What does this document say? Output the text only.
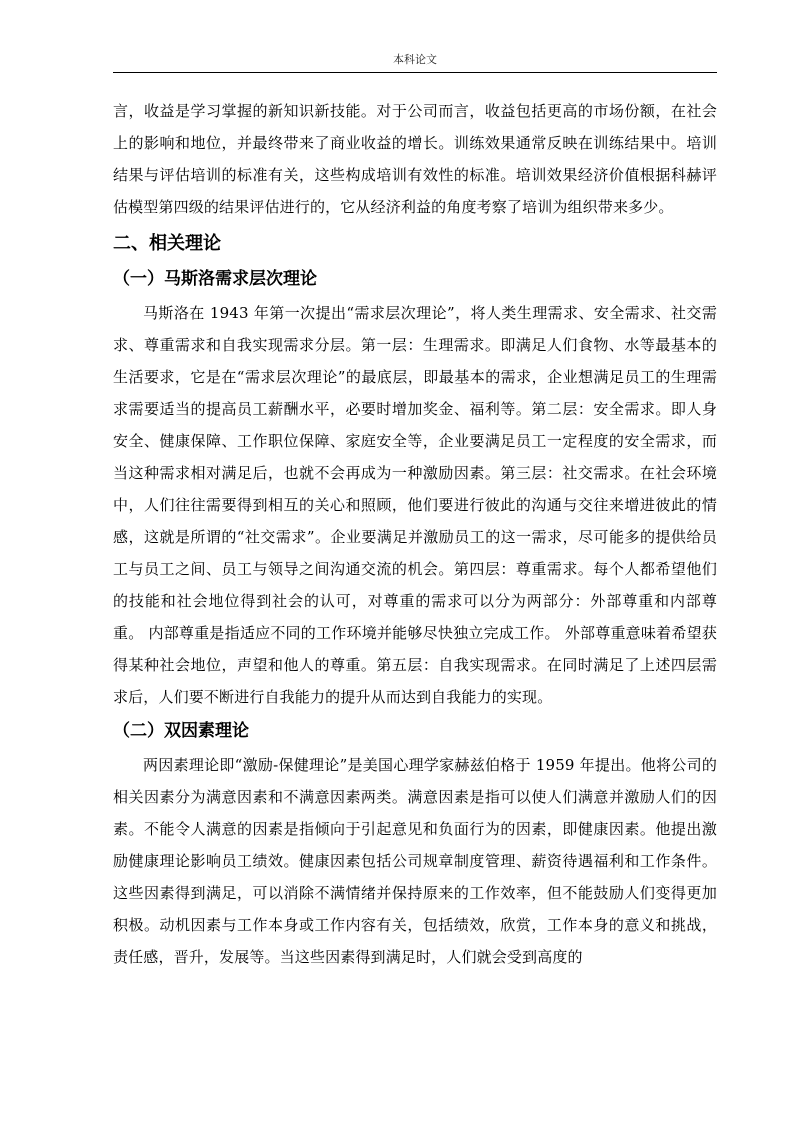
本科论文

言，收益是学习掌握的新知识新技能。对于公司而言，收益包括更高的市场份额，在社会上的影响和地位，并最终带来了商业收益的增长。训练效果通常反映在训练结果中。培训结果与评估培训的标准有关，这些构成培训有效性的标准。培训效果经济价值根据科赫评估模型第四级的结果评估进行的，它从经济利益的角度考察了培训为组织带来多少。

二、相关理论
（一）马斯洛需求层次理论

马斯洛在 1943 年第一次提出“需求层次理论”，将人类生理需求、安全需求、社交需求、尊重需求和自我实现需求分层。第一层：生理需求。即满足人们食物、水等最基本的生活要求，它是在“需求层次理论”的最底层，即最基本的需求，企业想满足员工的生理需求需要适当的提高员工薪酬水平，必要时增加奖金、福利等。第二层：安全需求。即人身安全、健康保障、工作职位保障、家庭安全等，企业要满足员工一定程度的安全需求，而当这种需求相对满足后，也就不会再成为一种激励因素。第三层：社交需求。在社会环境中，人们往往需要得到相互的关心和照顾，他们要进行彼此的沟通与交往来增进彼此的情感，这就是所谓的“社交需求”。企业要满足并激励员工的这一需求，尽可能多的提供给员工与员工之间、员工与领导之间沟通交流的机会。第四层：尊重需求。每个人都希望他们的技能和社会地位得到社会的认可，对尊重的需求可以分为两部分：外部尊重和内部尊重。 内部尊重是指适应不同的工作环境并能够尽快独立完成工作。 外部尊重意味着希望获得某种社会地位，声望和他人的尊重。第五层：自我实现需求。在同时满足了上述四层需求后，人们要不断进行自我能力的提升从而达到自我能力的实现。

（二）双因素理论

两因素理论即“激励-保健理论”是美国心理学家赫兹伯格于 1959 年提出。他将公司的相关因素分为满意因素和不满意因素两类。满意因素是指可以使人们满意并激励人们的因素。不能令人满意的因素是指倾向于引起意见和负面行为的因素，即健康因素。他提出激励健康理论影响员工绩效。健康因素包括公司规章制度管理、薪资待遇福利和工作条件。这些因素得到满足，可以消除不满情绪并保持原来的工作效率，但不能鼓励人们变得更加积极。动机因素与工作本身或工作内容有关，包括绩效，欣赏，工作本身的意义和挑战，责任感，晋升，发展等。当这些因素得到满足时，人们就会受到高度的
